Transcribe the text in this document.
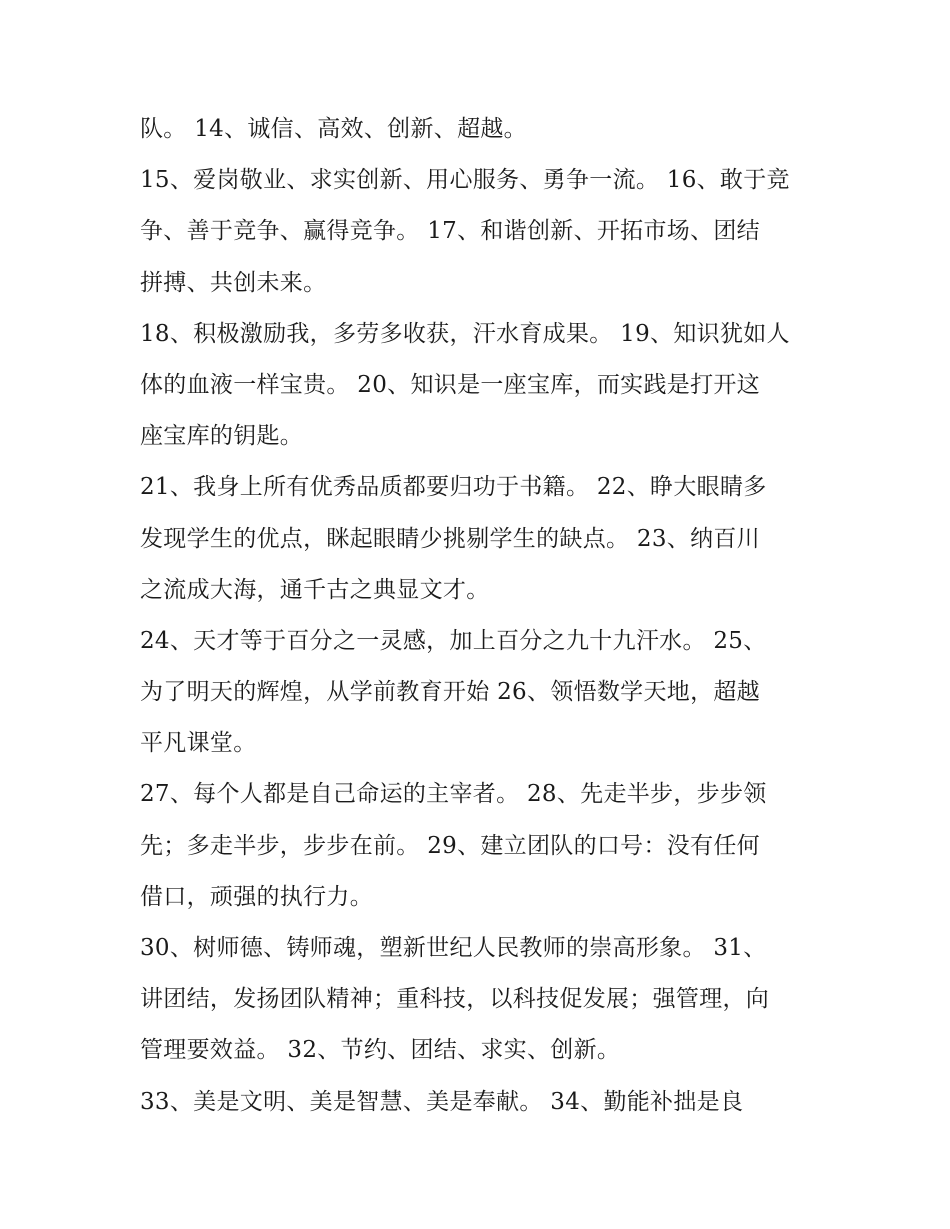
队。 14、诚信、高效、创新、超越。
15、爱岗敬业、求实创新、用心服务、勇争一流。 16、敢于竞
争、善于竞争、赢得竞争。 17、和谐创新、开拓市场、团结
拼搏、共创未来。
18、积极激励我，多劳多收获，汗水育成果。 19、知识犹如人
体的血液一样宝贵。 20、知识是一座宝库，而实践是打开这
座宝库的钥匙。
21、我身上所有优秀品质都要归功于书籍。 22、睁大眼睛多
发现学生的优点，眯起眼睛少挑剔学生的缺点。 23、纳百川
之流成大海，通千古之典显文才。
24、天才等于百分之一灵感，加上百分之九十九汗水。 25、
为了明天的辉煌，从学前教育开始 26、领悟数学天地，超越
平凡课堂。
27、每个人都是自己命运的主宰者。 28、先走半步，步步领
先；多走半步，步步在前。 29、建立团队的口号：没有任何
借口，顽强的执行力。
30、树师德、铸师魂，塑新世纪人民教师的崇高形象。 31、
讲团结，发扬团队精神；重科技，以科技促发展；强管理，向
管理要效益。 32、节约、团结、求实、创新。
33、美是文明、美是智慧、美是奉献。 34、勤能补拙是良
